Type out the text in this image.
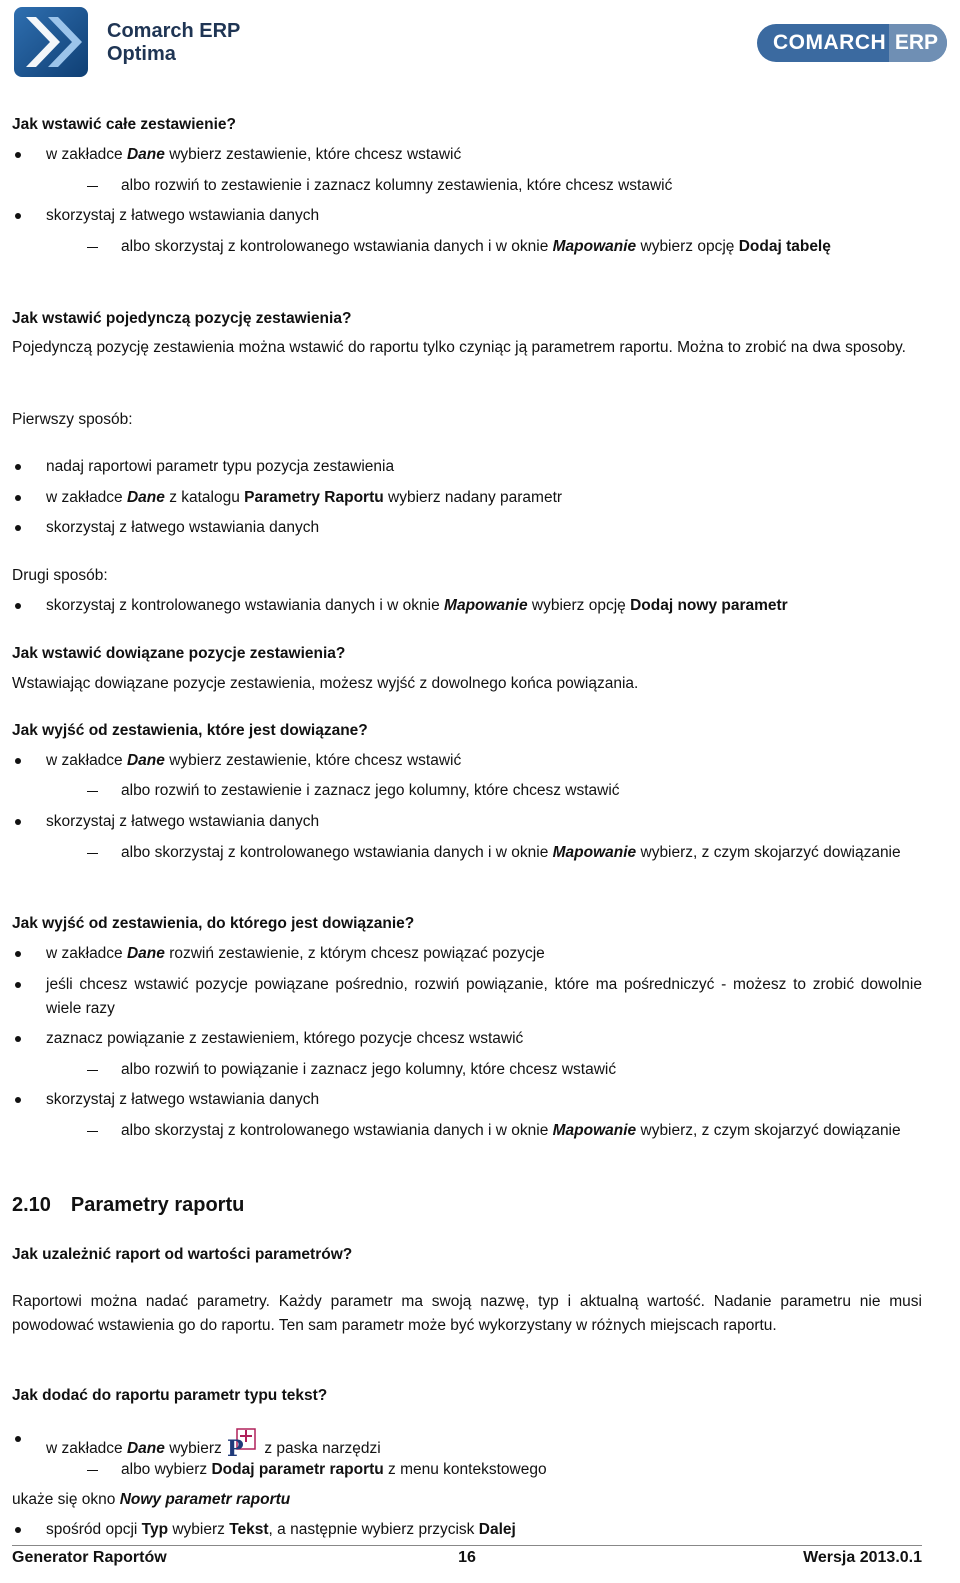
Comarch ERP
Optima	COMARCH ERP
Jak wstawić całe zestawienie?
w zakładce Dane wybierz zestawienie, które chcesz wstawić
albo rozwiń to zestawienie i zaznacz kolumny zestawienia, które chcesz wstawić
skorzystaj z łatwego wstawiania danych
albo skorzystaj z kontrolowanego wstawiania danych i w oknie Mapowanie wybierz opcję Dodaj tabelę
Jak wstawić pojedynczą pozycję zestawienia?
Pojedynczą pozycję zestawienia można wstawić do raportu tylko czyniąc ją parametrem raportu. Można to zrobić na dwa sposoby.
Pierwszy sposób:
nadaj raportowi parametr typu pozycja zestawienia
w zakładce Dane z katalogu Parametry Raportu wybierz nadany parametr
skorzystaj z łatwego wstawiania danych
Drugi sposób:
skorzystaj z kontrolowanego wstawiania danych i w oknie Mapowanie wybierz opcję Dodaj nowy parametr
Jak wstawić dowiązane pozycje zestawienia?
Wstawiając dowiązane pozycje zestawienia, możesz wyjść z dowolnego końca powiązania.
Jak wyjść od zestawienia, które jest dowiązane?
w zakładce Dane wybierz zestawienie, które chcesz wstawić
albo rozwiń to zestawienie i zaznacz jego kolumny, które chcesz wstawić
skorzystaj z łatwego wstawiania danych
albo skorzystaj z kontrolowanego wstawiania danych i w oknie Mapowanie wybierz, z czym skojarzyć dowiązanie
Jak wyjść od zestawienia, do którego jest dowiązanie?
w zakładce Dane rozwiń zestawienie, z którym chcesz powiązać pozycje
jeśli chcesz wstawić pozycje powiązane pośrednio, rozwiń powiązanie, które ma pośredniczyć - możesz to zrobić dowolnie wiele razy
zaznacz powiązanie z zestawieniem, którego pozycje chcesz wstawić
albo rozwiń to powiązanie i zaznacz jego kolumny, które chcesz wstawić
skorzystaj z łatwego wstawiania danych
albo skorzystaj z kontrolowanego wstawiania danych i w oknie Mapowanie wybierz, z czym skojarzyć dowiązanie
2.10 Parametry raportu
Jak uzależnić raport od wartości parametrów?
Raportowi można nadać parametry. Każdy parametr ma swoją nazwę, typ i aktualną wartość. Nadanie parametru nie musi powodować wstawienia go do raportu. Ten sam parametr może być wykorzystany w różnych miejscach raportu.
Jak dodać do raportu parametr typu tekst?
w zakładce Dane wybierz P z paska narzędzi
albo wybierz Dodaj parametr raportu z menu kontekstowego
ukaże się okno Nowy parametr raportu
spośród opcji Typ wybierz Tekst, a następnie wybierz przycisk Dalej
Generator Raportów	16	Wersja 2013.0.1
